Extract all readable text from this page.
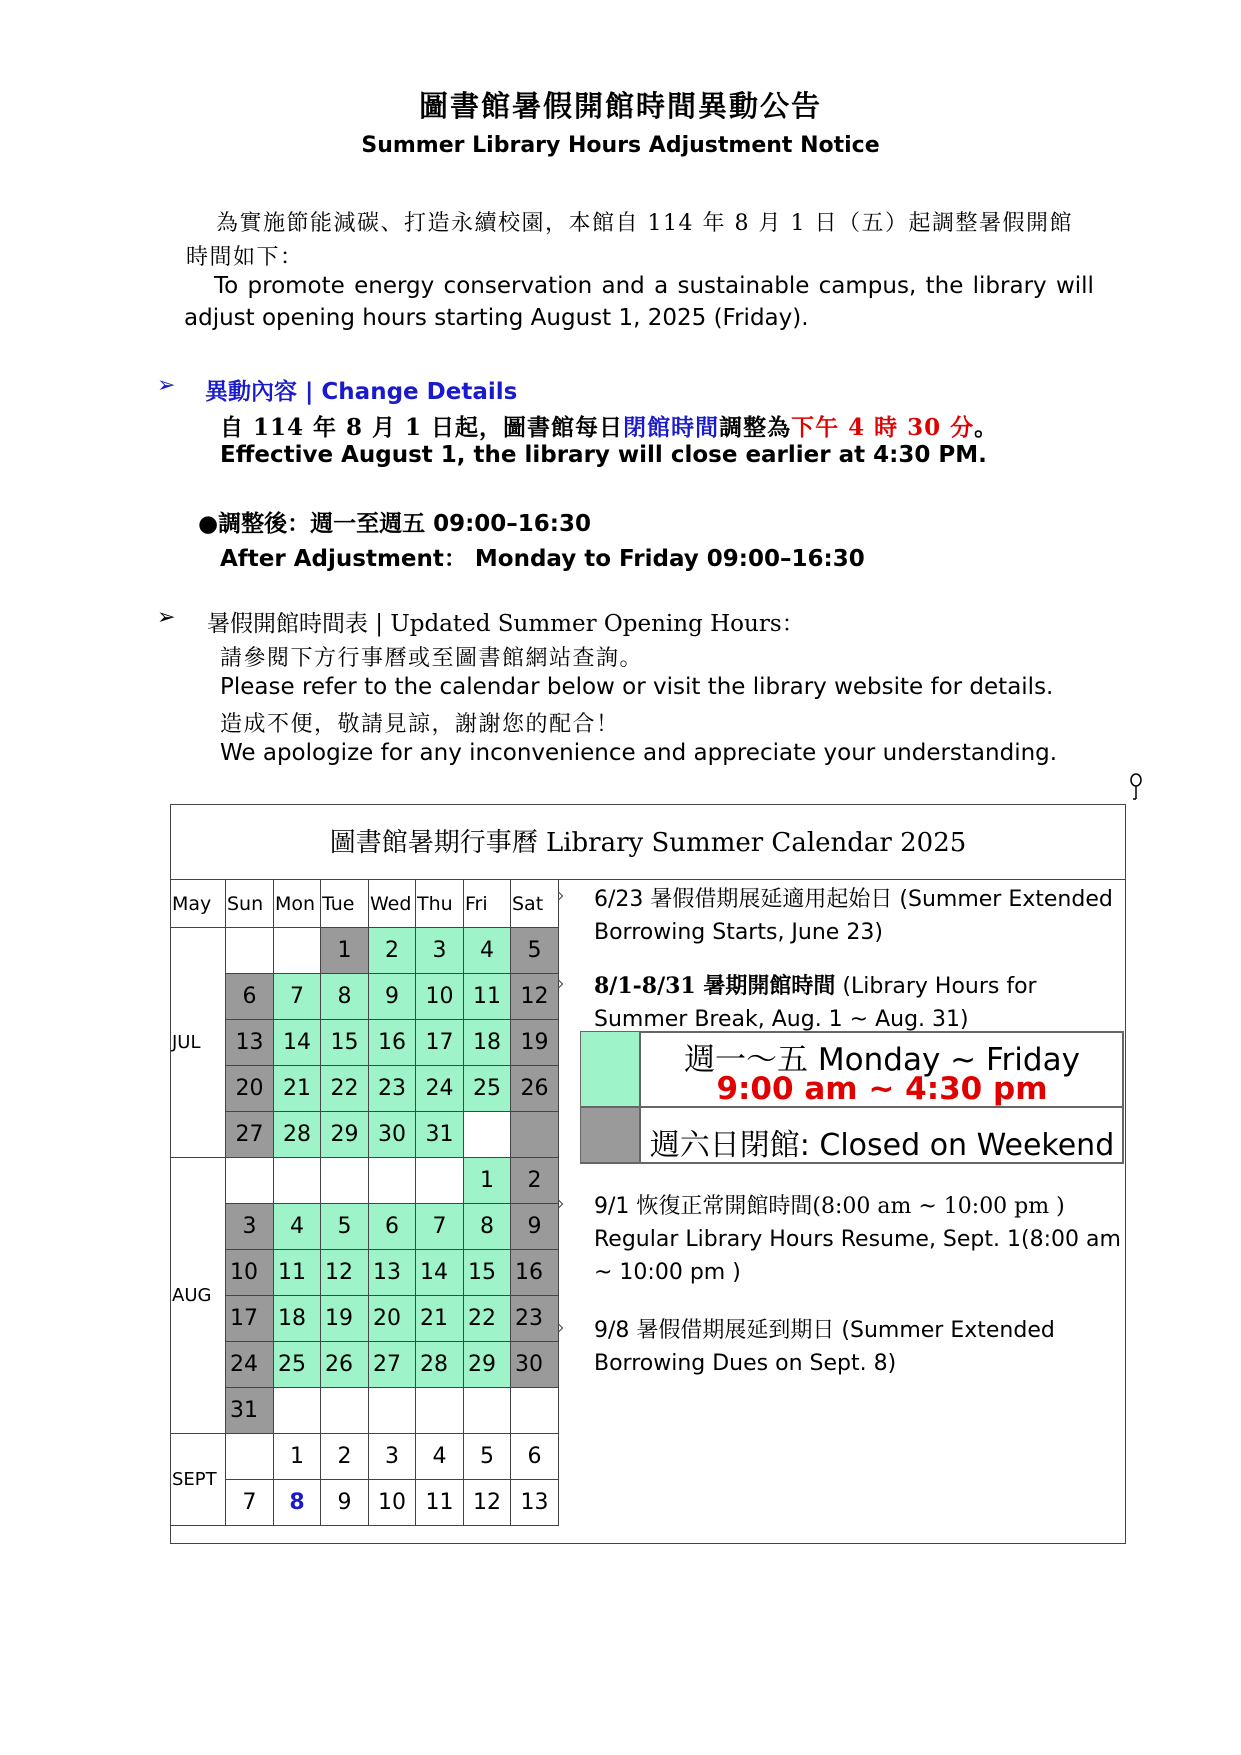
圖書館暑假開館時間異動公告
Summer Library Hours Adjustment Notice
為實施節能減碳、打造永續校園，本館自 114 年 8 月 1 日（五）起調整暑假開館
時間如下：
To promote energy conservation and a sustainable campus, the library will
adjust opening hours starting August 1, 2025 (Friday).
➢ 異動內容 | Change Details
自 114 年 8 月 1 日起，圖書館每日閉館時間調整為下午 4 時 30 分。
Effective August 1, the library will close earlier at 4:30 PM.
●調整後：週一至週五 09:00–16:30
After Adjustment： Monday to Friday 09:00–16:30
➢ 暑假開館時間表 | Updated Summer Opening Hours：
請參閱下方行事曆或至圖書館網站查詢。
Please refer to the calendar below or visit the library website for details.
造成不便，敬請見諒，謝謝您的配合！
We apologize for any inconvenience and appreciate your understanding.
圖書館暑期行事曆 Library Summer Calendar 2025
May	Sun	Mon	Tue	Wed	Thu	Fri	Sat
JUL			1	2	3	4	5
	6	7	8	9	10	11	12
	13	14	15	16	17	18	19
	20	21	22	23	24	25	26
	27	28	29	30	31		
AUG						1	2
	3	4	5	6	7	8	9
	10	11	12	13	14	15	16
	17	18	19	20	21	22	23
	24	25	26	27	28	29	30
	31						
SEPT		1	2	3	4	5	6
	7	8	9	10	11	12	13
6/23 暑假借期展延適用起始日 (Summer Extended Borrowing Starts, June 23)
8/1-8/31 暑期開館時間 (Library Hours for Summer Break, Aug. 1 ~ Aug. 31)
週一～五 Monday ~ Friday
9:00 am ~ 4:30 pm
週六日閉館: Closed on Weekend
9/1 恢復正常開館時間(8:00 am ~ 10:00 pm )
Regular Library Hours Resume, Sept. 1(8:00 am ~ 10:00 pm )
9/8 暑假借期展延到期日 (Summer Extended Borrowing Dues on Sept. 8)
